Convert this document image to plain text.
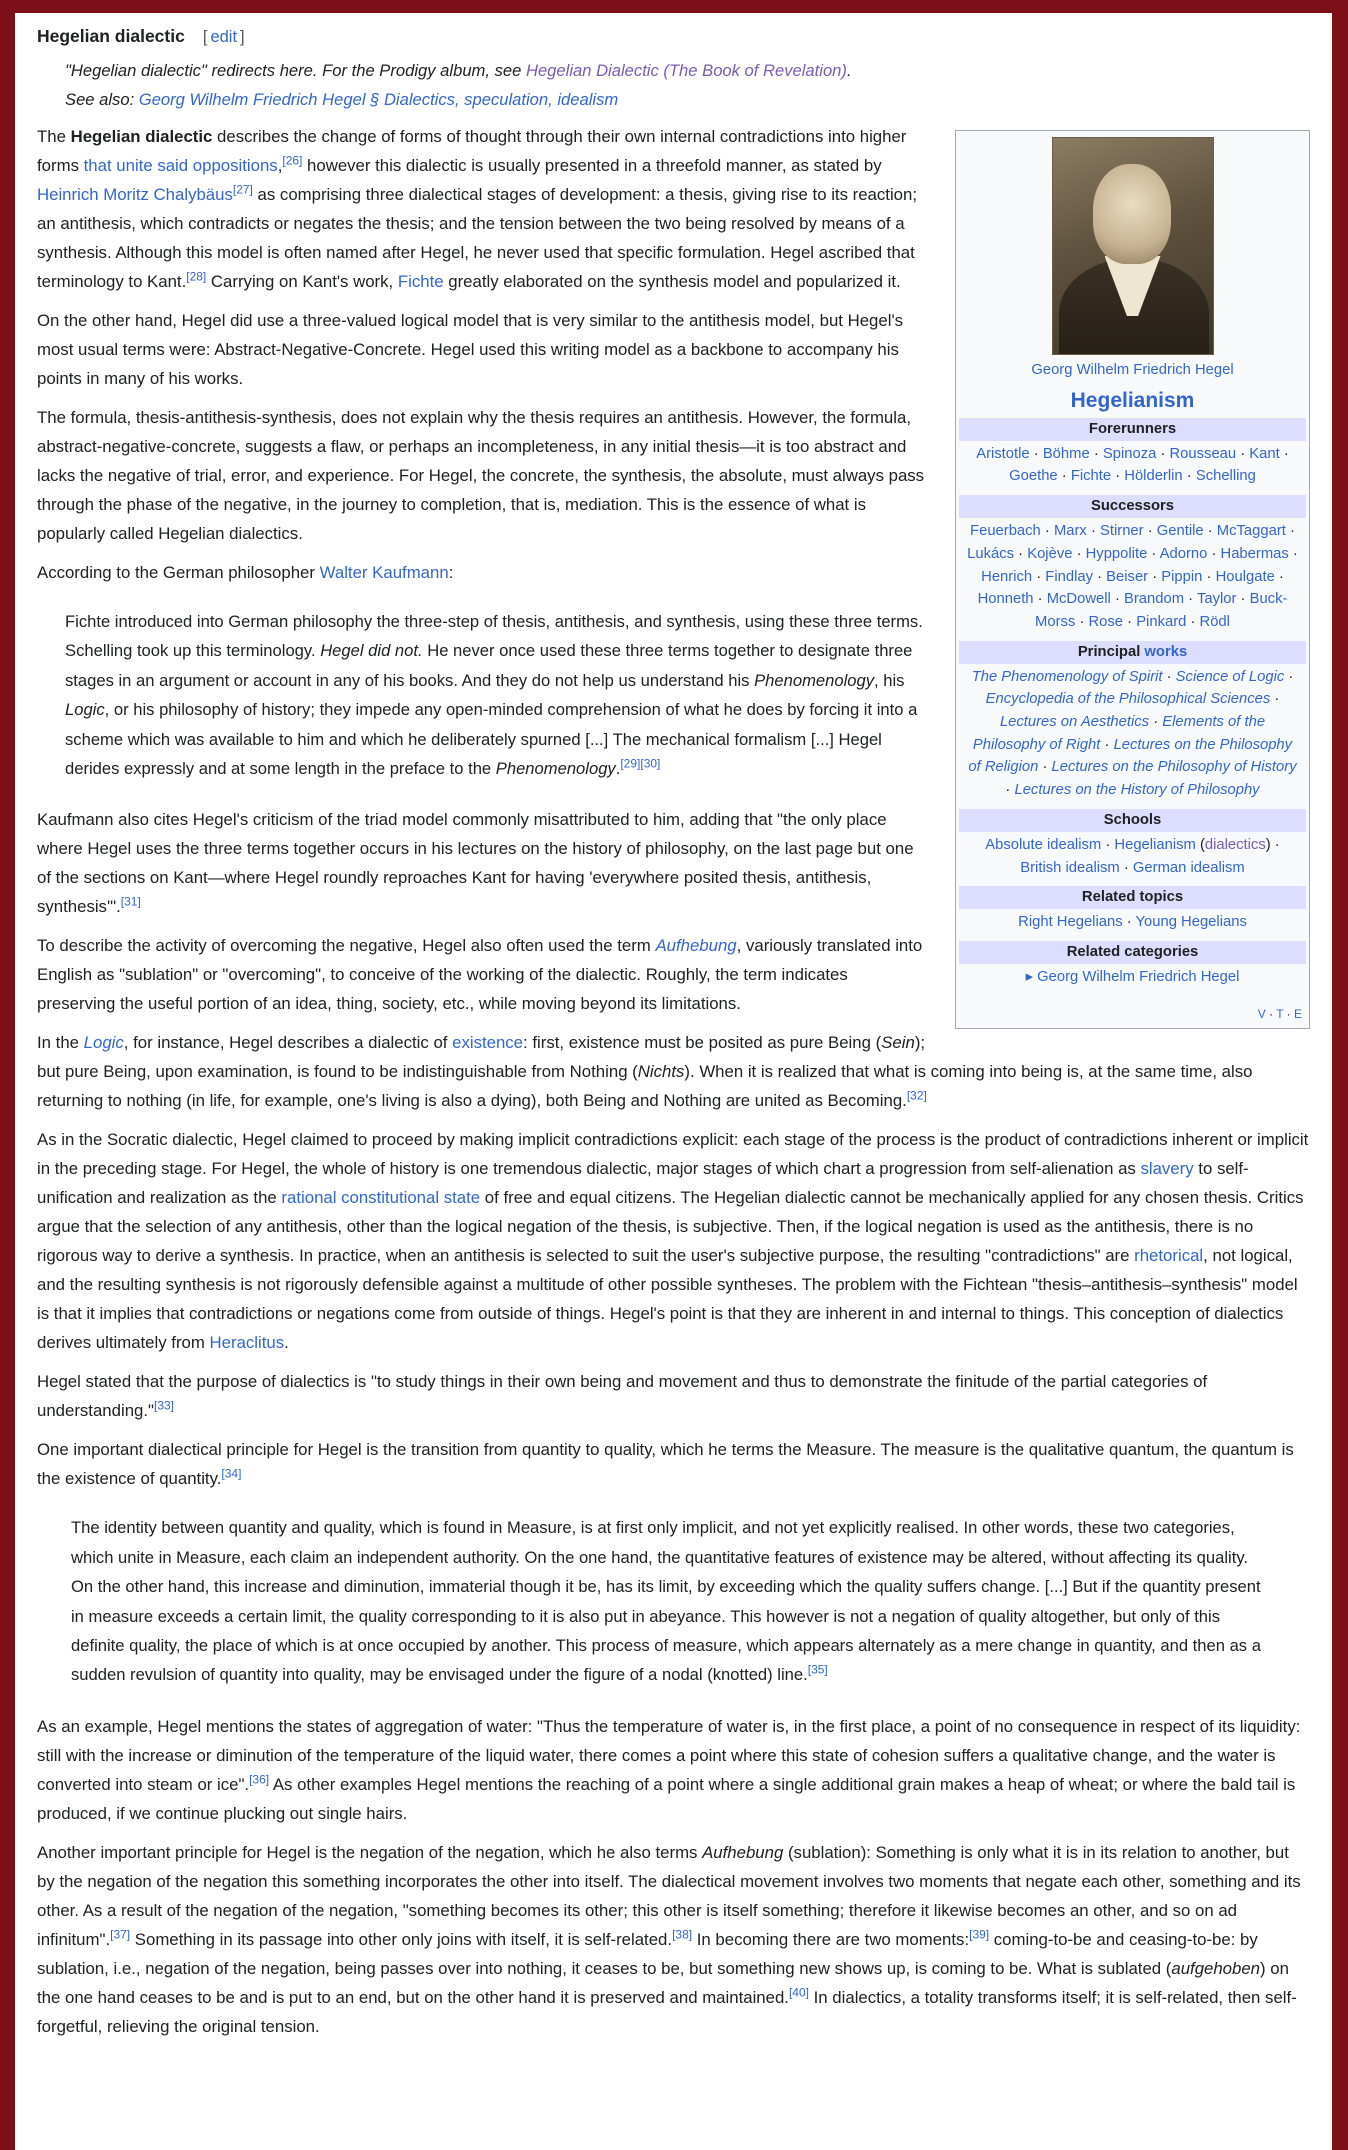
Hegelian dialectic [ edit ]
"Hegelian dialectic" redirects here. For the Prodigy album, see Hegelian Dialectic (The Book of Revelation).
See also: Georg Wilhelm Friedrich Hegel § Dialectics, speculation, idealism
Georg Wilhelm Friedrich Hegel
Hegelianism
Forerunners
Aristotle · Böhme · Spinoza · Rousseau · Kant · Goethe · Fichte · Hölderlin · Schelling
Successors
Feuerbach · Marx · Stirner · Gentile · McTaggart · Lukács · Kojève · Hyppolite · Adorno · Habermas · Henrich · Findlay · Beiser · Pippin · Houlgate · Honneth · McDowell · Brandom · Taylor · Buck-Morss · Rose · Pinkard · Rödl
Principal works
The Phenomenology of Spirit · Science of Logic · Encyclopedia of the Philosophical Sciences · Lectures on Aesthetics · Elements of the Philosophy of Right · Lectures on the Philosophy of Religion · Lectures on the Philosophy of History · Lectures on the History of Philosophy
Schools
Absolute idealism · Hegelianism (dialectics) ·
British idealism · German idealism
Related topics
Right Hegelians · Young Hegelians
Related categories
▸ Georg Wilhelm Friedrich Hegel
V · T · E

The Hegelian dialectic describes the change of forms of thought through their own internal contradictions into higher forms that unite said oppositions,[26] however this dialectic is usually presented in a threefold manner, as stated by Heinrich Moritz Chalybäus[27] as comprising three dialectical stages of development: a thesis, giving rise to its reaction; an antithesis, which contradicts or negates the thesis; and the tension between the two being resolved by means of a synthesis. Although this model is often named after Hegel, he never used that specific formulation. Hegel ascribed that terminology to Kant.[28] Carrying on Kant's work, Fichte greatly elaborated on the synthesis model and popularized it.

On the other hand, Hegel did use a three-valued logical model that is very similar to the antithesis model, but Hegel's most usual terms were: Abstract-Negative-Concrete. Hegel used this writing model as a backbone to accompany his points in many of his works.

The formula, thesis-antithesis-synthesis, does not explain why the thesis requires an antithesis. However, the formula, abstract-negative-concrete, suggests a flaw, or perhaps an incompleteness, in any initial thesis—it is too abstract and lacks the negative of trial, error, and experience. For Hegel, the concrete, the synthesis, the absolute, must always pass through the phase of the negative, in the journey to completion, that is, mediation. This is the essence of what is popularly called Hegelian dialectics.

According to the German philosopher Walter Kaufmann:

Fichte introduced into German philosophy the three-step of thesis, antithesis, and synthesis, using these three terms. Schelling took up this terminology. Hegel did not. He never once used these three terms together to designate three stages in an argument or account in any of his books. And they do not help us understand his Phenomenology, his Logic, or his philosophy of history; they impede any open-minded comprehension of what he does by forcing it into a scheme which was available to him and which he deliberately spurned [...] The mechanical formalism [...] Hegel derides expressly and at some length in the preface to the Phenomenology.[29][30]

Kaufmann also cites Hegel's criticism of the triad model commonly misattributed to him, adding that "the only place where Hegel uses the three terms together occurs in his lectures on the history of philosophy, on the last page but one of the sections on Kant—where Hegel roundly reproaches Kant for having 'everywhere posited thesis, antithesis, synthesis'".[31]

To describe the activity of overcoming the negative, Hegel also often used the term Aufhebung, variously translated into English as "sublation" or "overcoming", to conceive of the working of the dialectic. Roughly, the term indicates preserving the useful portion of an idea, thing, society, etc., while moving beyond its limitations.

In the Logic, for instance, Hegel describes a dialectic of existence: first, existence must be posited as pure Being (Sein); but pure Being, upon examination, is found to be indistinguishable from Nothing (Nichts). When it is realized that what is coming into being is, at the same time, also returning to nothing (in life, for example, one's living is also a dying), both Being and Nothing are united as Becoming.[32]

As in the Socratic dialectic, Hegel claimed to proceed by making implicit contradictions explicit: each stage of the process is the product of contradictions inherent or implicit in the preceding stage. For Hegel, the whole of history is one tremendous dialectic, major stages of which chart a progression from self-alienation as slavery to self-unification and realization as the rational constitutional state of free and equal citizens. The Hegelian dialectic cannot be mechanically applied for any chosen thesis. Critics argue that the selection of any antithesis, other than the logical negation of the thesis, is subjective. Then, if the logical negation is used as the antithesis, there is no rigorous way to derive a synthesis. In practice, when an antithesis is selected to suit the user's subjective purpose, the resulting "contradictions" are rhetorical, not logical, and the resulting synthesis is not rigorously defensible against a multitude of other possible syntheses. The problem with the Fichtean "thesis–antithesis–synthesis" model is that it implies that contradictions or negations come from outside of things. Hegel's point is that they are inherent in and internal to things. This conception of dialectics derives ultimately from Heraclitus.

Hegel stated that the purpose of dialectics is "to study things in their own being and movement and thus to demonstrate the finitude of the partial categories of understanding."[33]

One important dialectical principle for Hegel is the transition from quantity to quality, which he terms the Measure. The measure is the qualitative quantum, the quantum is the existence of quantity.[34]

The identity between quantity and quality, which is found in Measure, is at first only implicit, and not yet explicitly realised. In other words, these two categories, which unite in Measure, each claim an independent authority. On the one hand, the quantitative features of existence may be altered, without affecting its quality. On the other hand, this increase and diminution, immaterial though it be, has its limit, by exceeding which the quality suffers change. [...] But if the quantity present in measure exceeds a certain limit, the quality corresponding to it is also put in abeyance. This however is not a negation of quality altogether, but only of this definite quality, the place of which is at once occupied by another. This process of measure, which appears alternately as a mere change in quantity, and then as a sudden revulsion of quantity into quality, may be envisaged under the figure of a nodal (knotted) line.[35]

As an example, Hegel mentions the states of aggregation of water: "Thus the temperature of water is, in the first place, a point of no consequence in respect of its liquidity: still with the increase or diminution of the temperature of the liquid water, there comes a point where this state of cohesion suffers a qualitative change, and the water is converted into steam or ice".[36] As other examples Hegel mentions the reaching of a point where a single additional grain makes a heap of wheat; or where the bald tail is produced, if we continue plucking out single hairs.

Another important principle for Hegel is the negation of the negation, which he also terms Aufhebung (sublation): Something is only what it is in its relation to another, but by the negation of the negation this something incorporates the other into itself. The dialectical movement involves two moments that negate each other, something and its other. As a result of the negation of the negation, "something becomes its other; this other is itself something; therefore it likewise becomes an other, and so on ad infinitum".[37] Something in its passage into other only joins with itself, it is self-related.[38] In becoming there are two moments:[39] coming-to-be and ceasing-to-be: by sublation, i.e., negation of the negation, being passes over into nothing, it ceases to be, but something new shows up, is coming to be. What is sublated (aufgehoben) on the one hand ceases to be and is put to an end, but on the other hand it is preserved and maintained.[40] In dialectics, a totality transforms itself; it is self-related, then self-forgetful, relieving the original tension.
